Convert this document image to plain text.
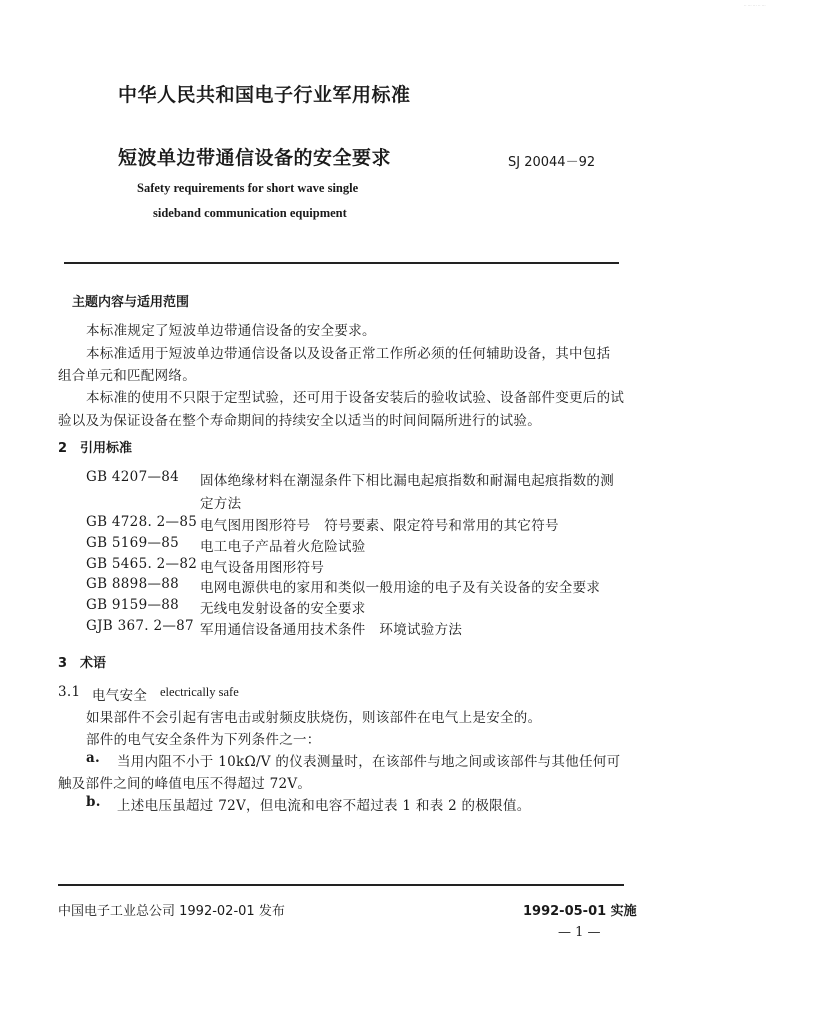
·· ··· ··· ·· ···
中华人民共和国电子行业军用标准
短波单边带通信设备的安全要求	SJ 20044－92
Safety requirements for short wave single
sideband communication equipment
主题内容与适用范围
本标准规定了短波单边带通信设备的安全要求。
本标准适用于短波单边带通信设备以及设备正常工作所必须的任何辅助设备，其中包括
组合单元和匹配网络。
本标准的使用不只限于定型试验，还可用于设备安装后的验收试验、设备部件变更后的试
验以及为保证设备在整个寿命期间的持续安全以适当的时间间隔所进行的试验。
2　引用标准
GB 4207—84 固体绝缘材料在潮湿条件下相比漏电起痕指数和耐漏电起痕指数的测
定方法
GB 4728. 2—85 电气图用图形符号　符号要素、限定符号和常用的其它符号
GB 5169—85 电工电子产品着火危险试验
GB 5465. 2—82 电气设备用图形符号
GB 8898—88 电网电源供电的家用和类似一般用途的电子及有关设备的安全要求
GB 9159—88 无线电发射设备的安全要求
GJB 367. 2—87 军用通信设备通用技术条件　环境试验方法
3　术语
3.1 电气安全 electrically safe
如果部件不会引起有害电击或射频皮肤烧伤，则该部件在电气上是安全的。
部件的电气安全条件为下列条件之一：
a. 当用内阻不小于 10kΩ/V 的仪表测量时，在该部件与地之间或该部件与其他任何可
触及部件之间的峰值电压不得超过 72V。
b. 上述电压虽超过 72V，但电流和电容不超过表 1 和表 2 的极限值。
中国电子工业总公司 1992-02-01 发布	1992-05-01 实施
— 1 —
